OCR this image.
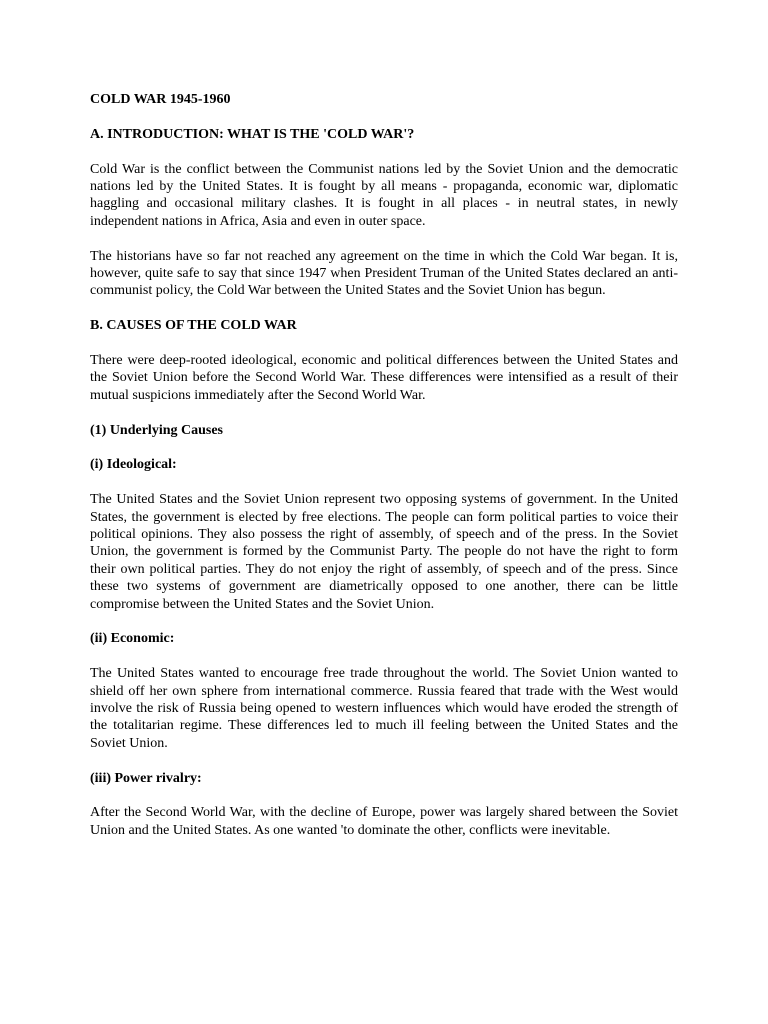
COLD WAR 1945-1960

A. INTRODUCTION: WHAT IS THE 'COLD WAR'?

Cold War is the conflict between the Communist nations led by the Soviet Union and the democratic nations led by the United States. It is fought by all means - propaganda, economic war, diplomatic haggling and occasional military clashes. It is fought in all places - in neutral states, in newly independent nations in Africa, Asia and even in outer space.

The historians have so far not reached any agreement on the time in which the Cold War began. It is, however, quite safe to say that since 1947 when President Truman of the United States declared an anti-communist policy, the Cold War between the United States and the Soviet Union has begun.

B. CAUSES OF THE COLD WAR

There were deep-rooted ideological, economic and political differences between the United States and the Soviet Union before the Second World War. These differences were intensified as a result of their mutual suspicions immediately after the Second World War.

(1) Underlying Causes

(i) Ideological:

The United States and the Soviet Union represent two opposing systems of government. In the United States, the government is elected by free elections. The people can form political parties to voice their political opinions. They also possess the right of assembly, of speech and of the press. In the Soviet Union, the government is formed by the Communist Party. The people do not have the right to form their own political parties. They do not enjoy the right of assembly, of speech and of the press. Since these two systems of government are diametrically opposed to one another, there can be little compromise between the United States and the Soviet Union.

(ii) Economic:

The United States wanted to encourage free trade throughout the world. The Soviet Union wanted to shield off her own sphere from international commerce. Russia feared that trade with the West would involve the risk of Russia being opened to western influences which would have eroded the strength of the totalitarian regime. These differences led to much ill feeling between the United States and the Soviet Union.

(iii) Power rivalry:

After the Second World War, with the decline of Europe, power was largely shared between the Soviet Union and the United States. As one wanted 'to dominate the other, conflicts were inevitable.
